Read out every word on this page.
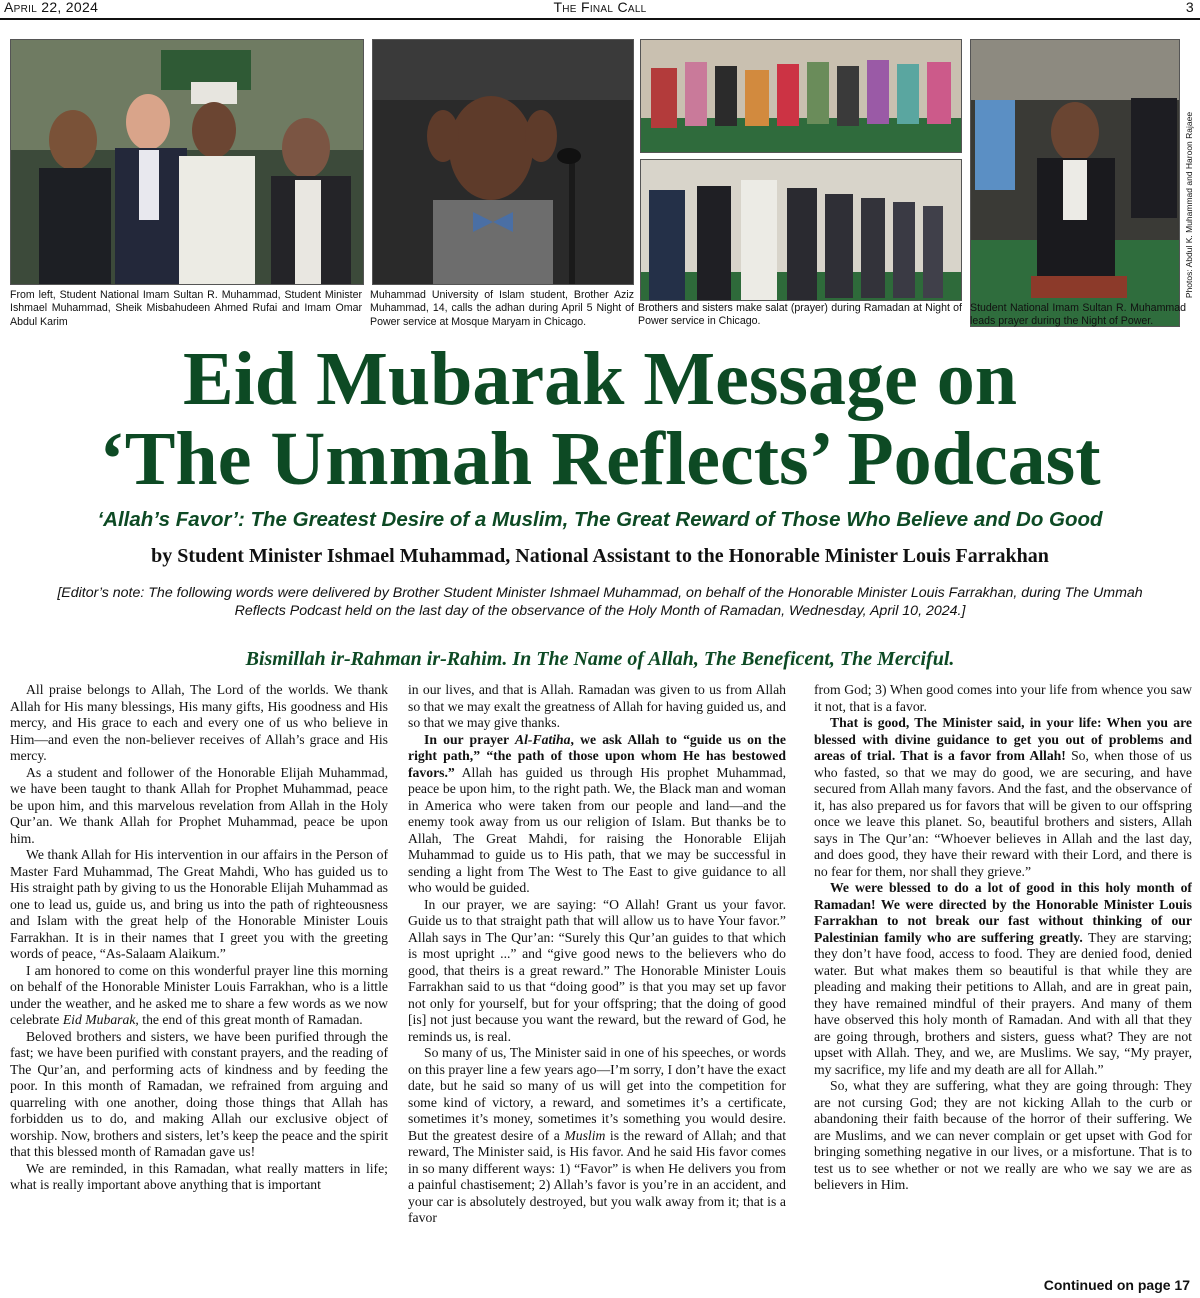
April 22, 2024	The Final Call	3
From left, Student National Imam Sultan R. Muhammad, Student Minister Ishmael Muhammad, Sheik Misbahudeen Ahmed Rufai and Imam Omar Abdul Karim
Muhammad University of Islam student, Brother Aziz Muhammad, 14, calls the adhan during April 5 Night of Power service at Mosque Maryam in Chicago.
Brothers and sisters make salat (prayer) during Ramadan at Night of Power service in Chicago.
Student National Imam Sultan R. Muhammad leads prayer during the Night of Power.
Photos: Abdul K. Muhammad and Haroon Rajaee
Eid Mubarak Message on
‘The Ummah Reflects’ Podcast
‘Allah’s Favor’: The Greatest Desire of a Muslim, The Great Reward of Those Who Believe and Do Good
by Student Minister Ishmael Muhammad, National Assistant to the Honorable Minister Louis Farrakhan
[Editor’s note: The following words were delivered by Brother Student Minister Ishmael Muhammad, on behalf of the Honorable Minister Louis Farrakhan, during The Ummah Reflects Podcast held on the last day of the observance of the Holy Month of Ramadan, Wednesday, April 10, 2024.]
Bismillah ir-Rahman ir-Rahim. In The Name of Allah, The Beneficent, The Merciful.

All praise belongs to Allah, The Lord of the worlds. We thank Allah for His many blessings, His many gifts, His goodness and His mercy, and His grace to each and every one of us who believe in Him—and even the non-believer receives of Allah’s grace and His mercy.

As a student and follower of the Honorable Elijah Muhammad, we have been taught to thank Allah for Prophet Muhammad, peace be upon him, and this marvelous revelation from Allah in the Holy Qur’an. We thank Allah for Prophet Muhammad, peace be upon him.

We thank Allah for His intervention in our affairs in the Person of Master Fard Muhammad, The Great Mahdi, Who has guided us to His straight path by giving to us the Honorable Elijah Muhammad as one to lead us, guide us, and bring us into the path of righteousness and Islam with the great help of the Honorable Minister Louis Farrakhan. It is in their names that I greet you with the greeting words of peace, “As-Salaam Alaikum.”

I am honored to come on this wonderful prayer line this morning on behalf of the Honorable Minister Louis Farrakhan, who is a little under the weather, and he asked me to share a few words as we now celebrate Eid Mubarak, the end of this great month of Ramadan.

Beloved brothers and sisters, we have been purified through the fast; we have been purified with constant prayers, and the reading of The Qur’an, and performing acts of kindness and by feeding the poor. In this month of Ramadan, we refrained from arguing and quarreling with one another, doing those things that Allah has forbidden us to do, and making Allah our exclusive object of worship. Now, brothers and sisters, let’s keep the peace and the spirit that this blessed month of Ramadan gave us!

We are reminded, in this Ramadan, what really matters in life; what is really important above anything that is important

in our lives, and that is Allah. Ramadan was given to us from Allah so that we may exalt the greatness of Allah for having guided us, and so that we may give thanks.

In our prayer Al-Fatiha, we ask Allah to “guide us on the right path,” “the path of those upon whom He has bestowed favors.” Allah has guided us through His prophet Muhammad, peace be upon him, to the right path. We, the Black man and woman in America who were taken from our people and land—and the enemy took away from us our religion of Islam. But thanks be to Allah, The Great Mahdi, for raising the Honorable Elijah Muhammad to guide us to His path, that we may be successful in sending a light from The West to The East to give guidance to all who would be guided.

In our prayer, we are saying: “O Allah! Grant us your favor. Guide us to that straight path that will allow us to have Your favor.” Allah says in The Qur’an: “Surely this Qur’an guides to that which is most upright ...” and “give good news to the believers who do good, that theirs is a great reward.” The Honorable Minister Louis Farrakhan said to us that “doing good” is that you may set up favor not only for yourself, but for your offspring; that the doing of good [is] not just because you want the reward, but the reward of God, he reminds us, is real.

So many of us, The Minister said in one of his speeches, or words on this prayer line a few years ago—I’m sorry, I don’t have the exact date, but he said so many of us will get into the competition for some kind of victory, a reward, and sometimes it’s a certificate, sometimes it’s money, sometimes it’s something you would desire. But the greatest desire of a Muslim is the reward of Allah; and that reward, The Minister said, is His favor. And he said His favor comes in so many different ways: 1) “Favor” is when He delivers you from a painful chastisement; 2) Allah’s favor is you’re in an accident, and your car is absolutely destroyed, but you walk away from it; that is a favor

from God; 3) When good comes into your life from whence you saw it not, that is a favor.

That is good, The Minister said, in your life: When you are blessed with divine guidance to get you out of problems and areas of trial. That is a favor from Allah! So, when those of us who fasted, so that we may do good, we are securing, and have secured from Allah many favors. And the fast, and the observance of it, has also prepared us for favors that will be given to our offspring once we leave this planet. So, beautiful brothers and sisters, Allah says in The Qur’an: “Whoever believes in Allah and the last day, and does good, they have their reward with their Lord, and there is no fear for them, nor shall they grieve.”

We were blessed to do a lot of good in this holy month of Ramadan! We were directed by the Honorable Minister Louis Farrakhan to not break our fast without thinking of our Palestinian family who are suffering greatly. They are starving; they don’t have food, access to food. They are denied food, denied water. But what makes them so beautiful is that while they are pleading and making their petitions to Allah, and are in great pain, they have remained mindful of their prayers. And many of them have observed this holy month of Ramadan. And with all that they are going through, brothers and sisters, guess what? They are not upset with Allah. They, and we, are Muslims. We say, “My prayer, my sacrifice, my life and my death are all for Allah.”

So, what they are suffering, what they are going through: They are not cursing God; they are not kicking Allah to the curb or abandoning their faith because of the horror of their suffering. We are Muslims, and we can never complain or get upset with God for bringing something negative in our lives, or a misfortune. That is to test us to see whether or not we really are who we say we are as believers in Him.

Continued on page 17
